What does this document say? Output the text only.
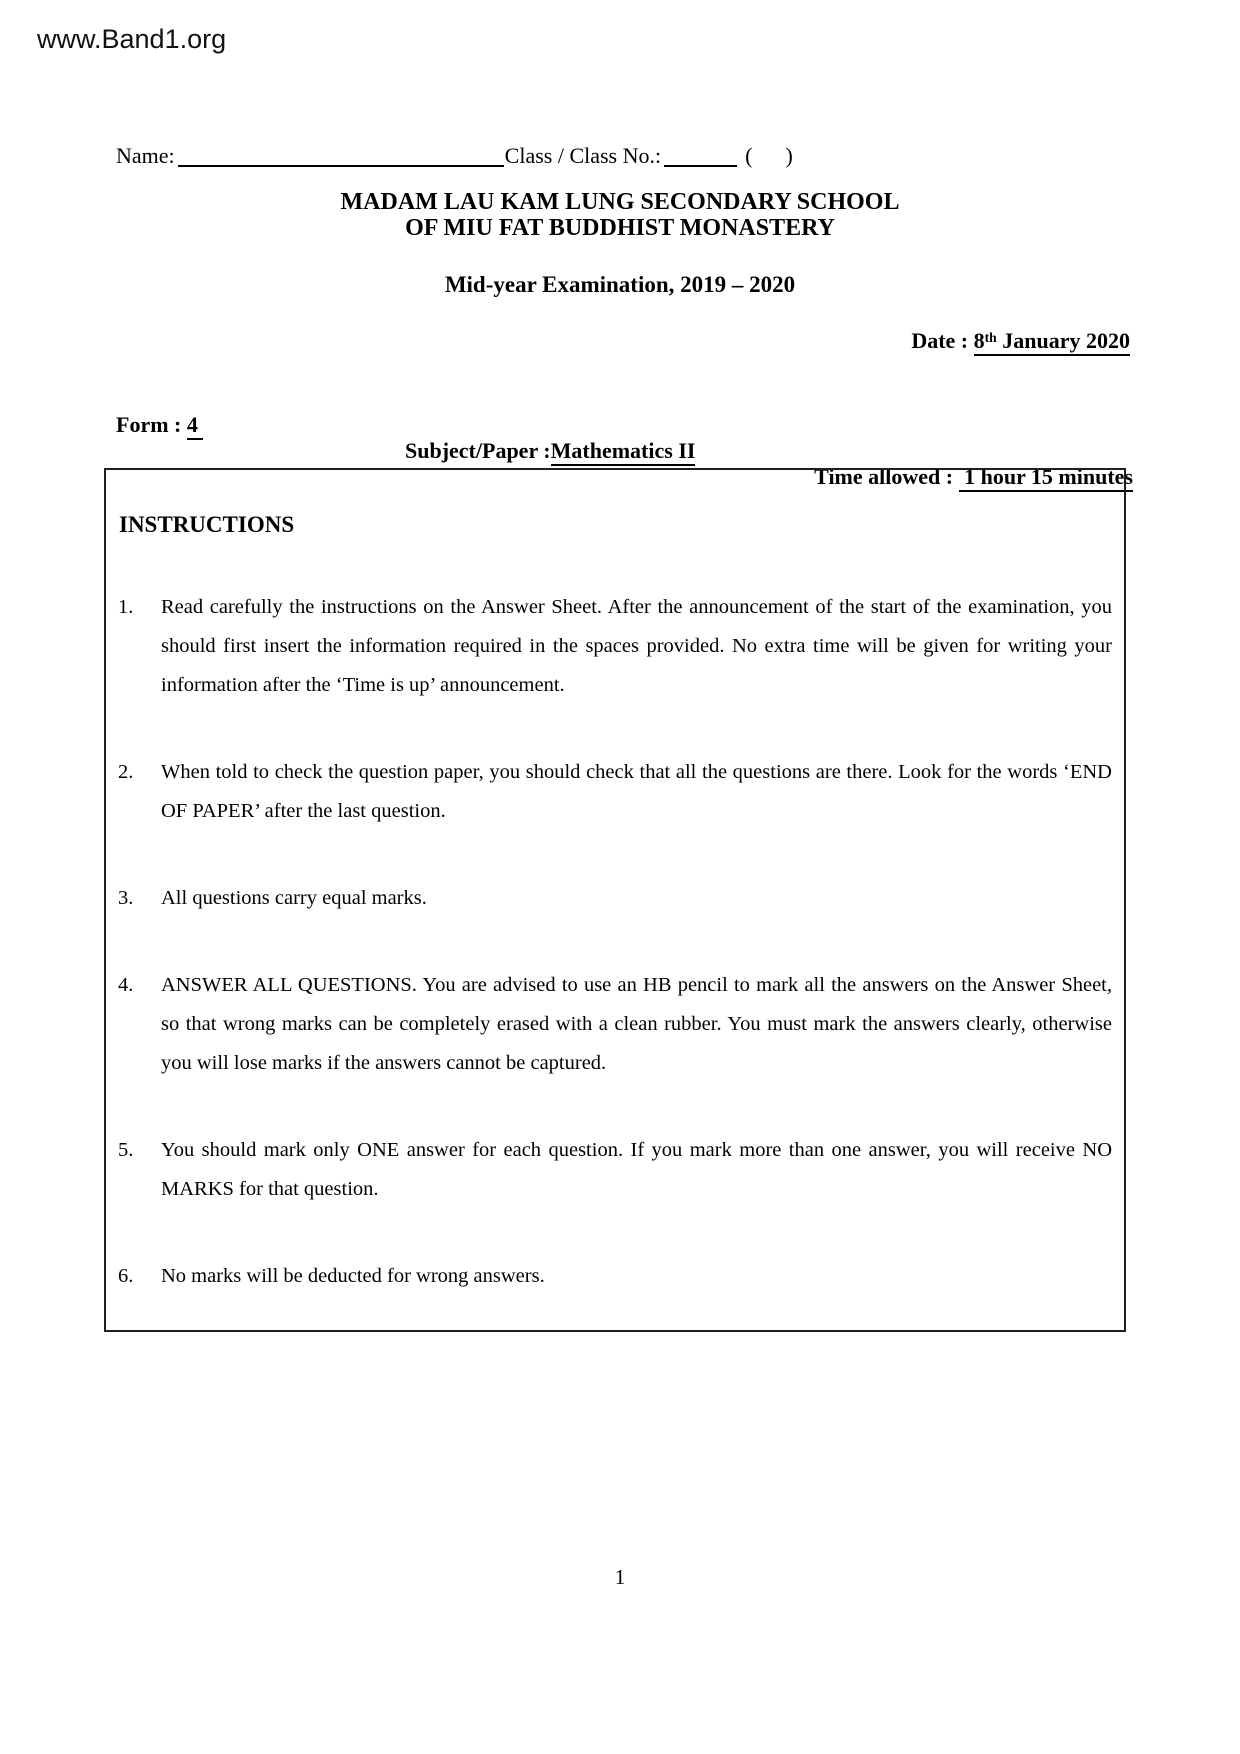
www.Band1.org
Name:	Class / Class No.:	(      )
MADAM LAU KAM LUNG SECONDARY SCHOOL
OF MIU FAT BUDDHIST MONASTERY
Mid-year Examination, 2019 – 2020
Date : 8th January 2020

Form : 4

Subject/Paper :Mathematics II

Time allowed :  1 hour 15 minutes

INSTRUCTIONS
1.	Read carefully the instructions on the Answer Sheet. After the announcement of the start of the examination, you should first insert the information required in the spaces provided. No extra time will be given for writing your information after the ‘Time is up’ announcement.
2.	When told to check the question paper, you should check that all the questions are there. Look for the words ‘END OF PAPER’ after the last question.
3.	All questions carry equal marks.
4.	ANSWER ALL QUESTIONS. You are advised to use an HB pencil to mark all the answers on the Answer Sheet, so that wrong marks can be completely erased with a clean rubber. You must mark the answers clearly, otherwise you will lose marks if the answers cannot be captured.
5.	You should mark only ONE answer for each question. If you mark more than one answer, you will receive NO MARKS for that question.
6.	No marks will be deducted for wrong answers.
1
